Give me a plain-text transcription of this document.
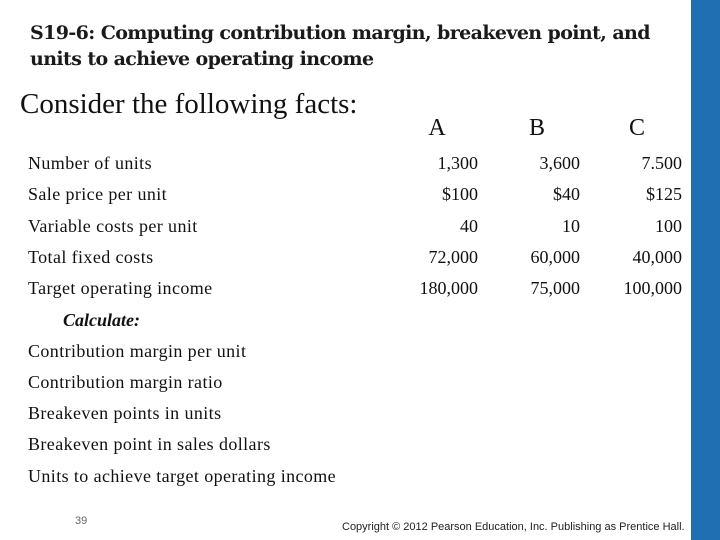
S19-6: Computing contribution margin, breakeven point, and units to achieve operating income
Consider the following facts:
A	B	C
Number of units	1,300	3,600	7.500
Sale price per unit	$100	$40	$125
Variable costs per unit	40	10	100
Total fixed costs	72,000	60,000	40,000
Target operating income	180,000	75,000	100,000
Calculate:
Contribution margin per unit
Contribution margin ratio
Breakeven points in units
Breakeven point in sales dollars
Units to achieve target operating income
39	Copyright © 2012 Pearson Education, Inc. Publishing as Prentice Hall.
